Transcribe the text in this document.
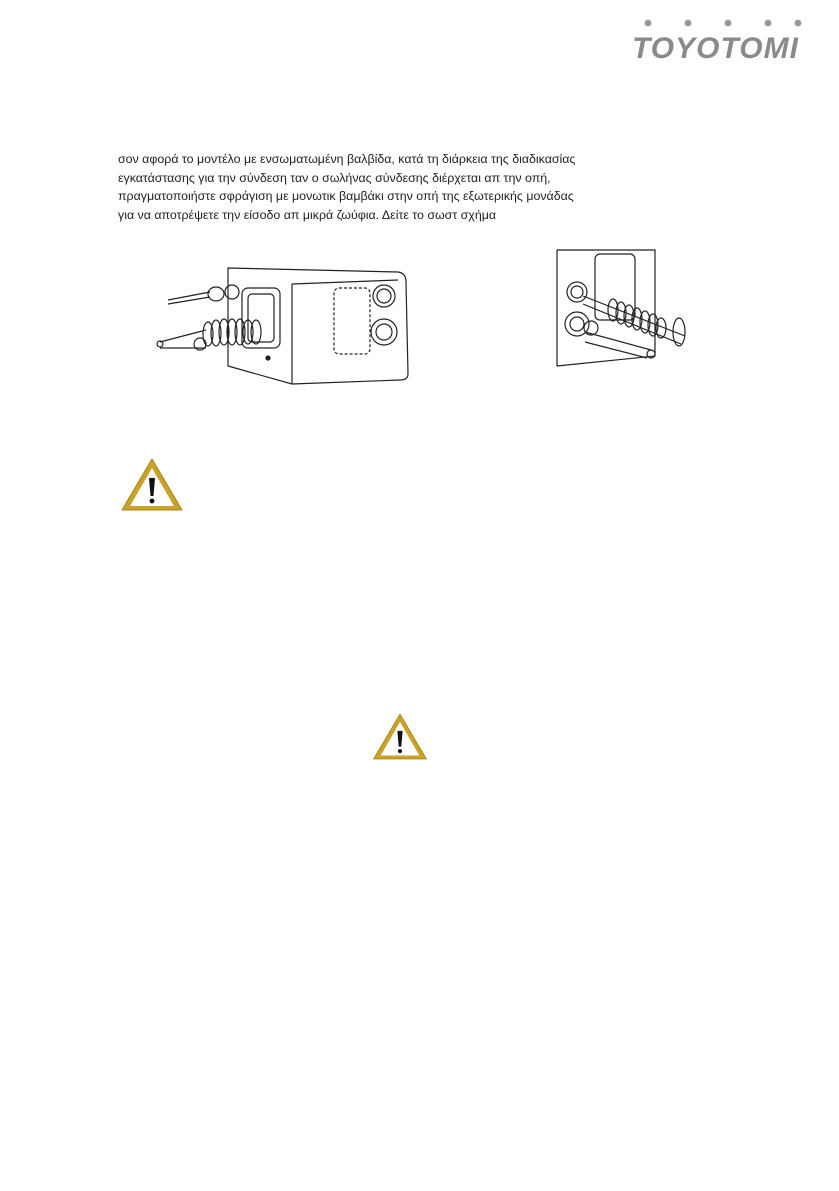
TOYOTOMI
σον αφορά το μοντέλο με ενσωματωμένη βαλβίδα, κατά τη διάρκεια της διαδικασίας
εγκατάστασης για την σύνδεση ταν ο σωλήνας σύνδεσης διέρχεται απ την οπή,
πραγματοποιήστε σφράγιση με μονωτικ βαμβάκι στην οπή της εξωτερικής μονάδας
για να αποτρέψετε την είσοδο απ μικρά ζωύφια. Δείτε το σωστ σχήμα
